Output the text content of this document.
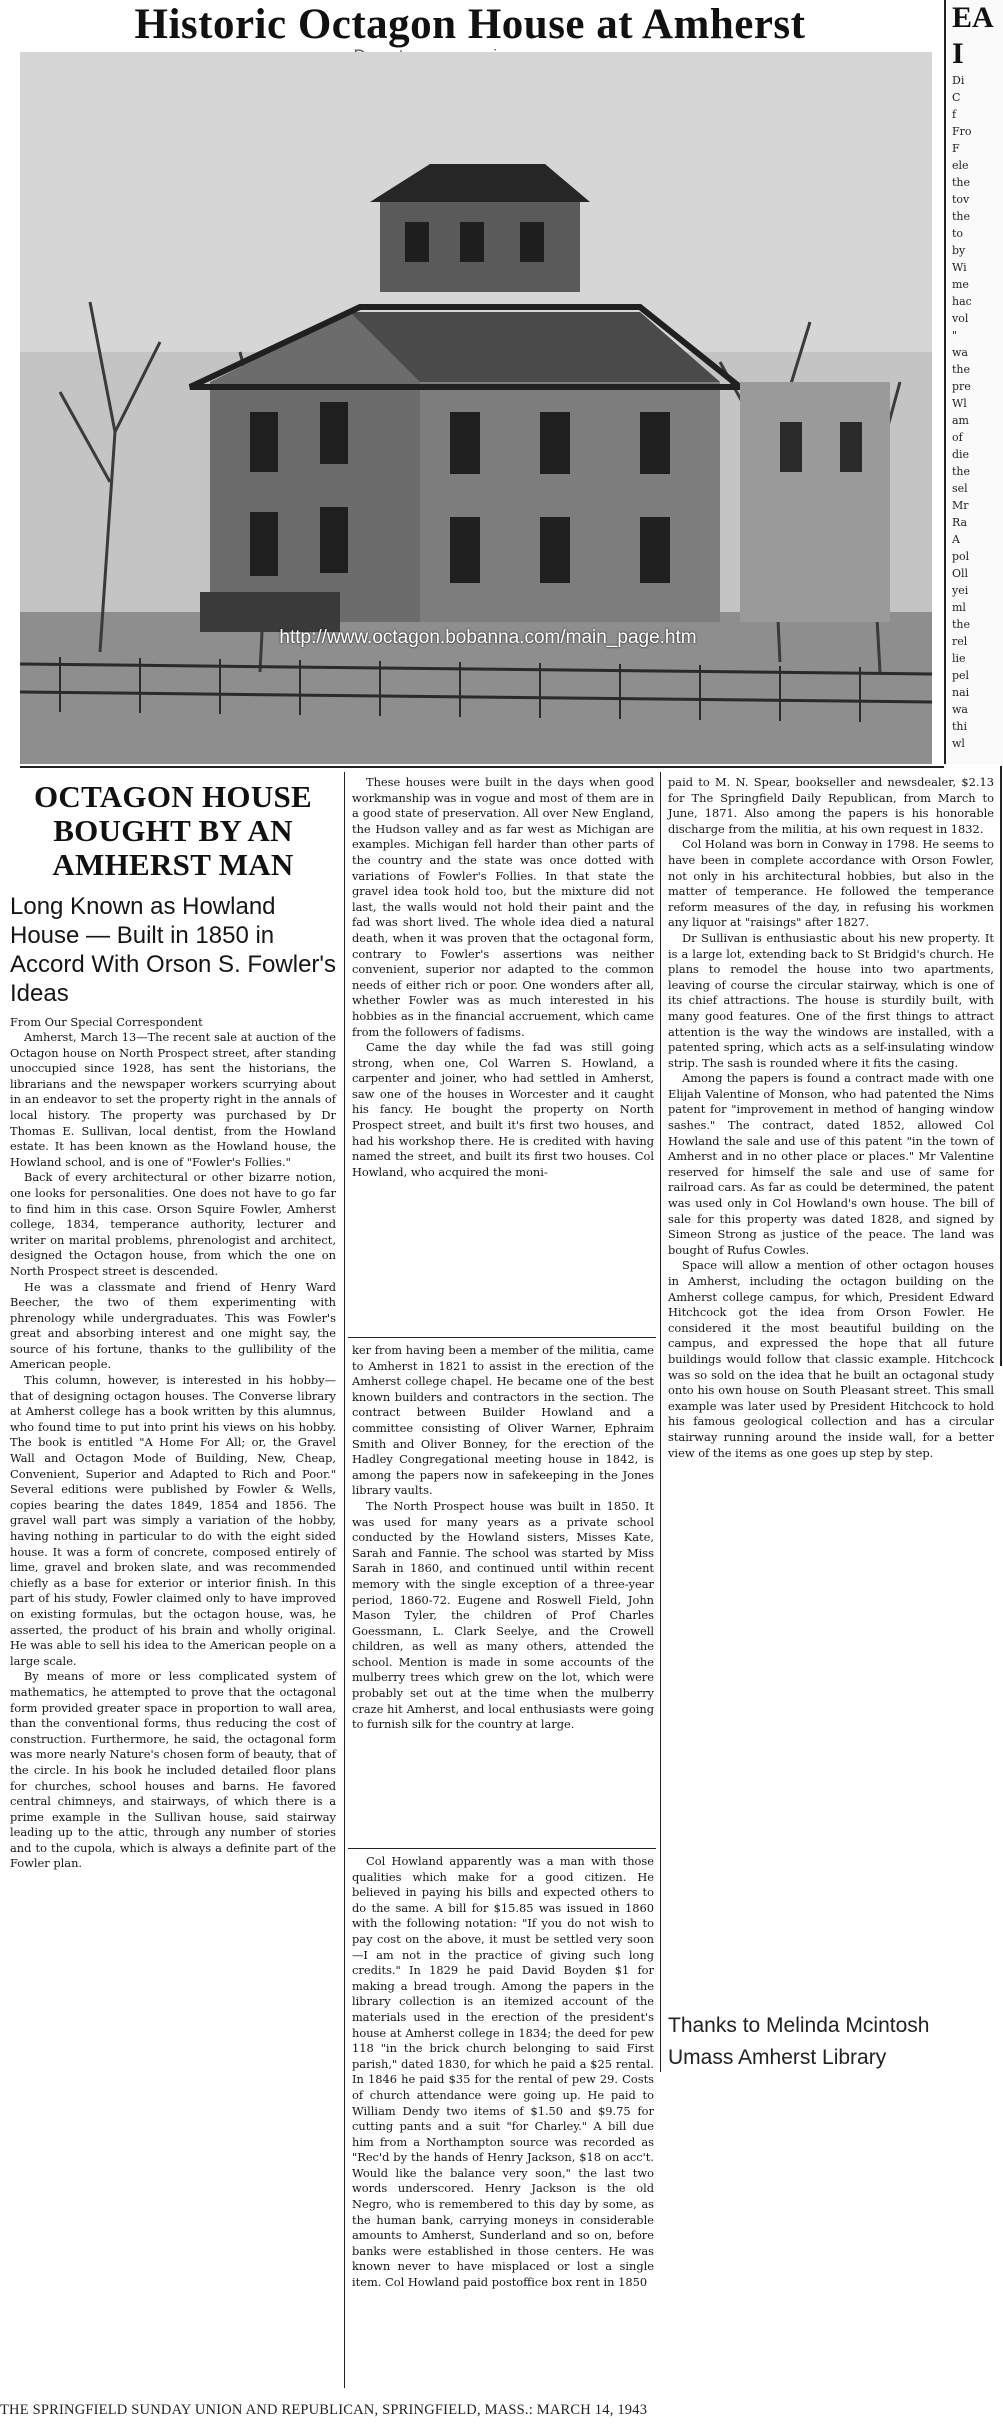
Historic Octagon House at Amherst
http://www.octagon.bobanna.com/main_page.htm
EA
I
Di
C
f
Fro
F
ele
the
tov
the
to
by
Wi
me
hac
vol
"
wa
the
pre
Wl
am
of
die
the
sel
Mr
Ra
A
pol
Oll
yei
ml
the
rel
lie
pel
nai
wa
thi
wl
OCTAGON HOUSE BOUGHT BY AN AMHERST MAN
Long Known as Howland House — Built in 1850 in Accord With Orson S. Fowler's Ideas

From Our Special Correspondent

Amherst, March 13—The recent sale at auction of the Octagon house on North Prospect street, after standing unoccupied since 1928, has sent the historians, the librarians and the newspaper workers scurrying about in an endeavor to set the property right in the annals of local history. The property was purchased by Dr Thomas E. Sullivan, local dentist, from the Howland estate. It has been known as the Howland house, the Howland school, and is one of "Fowler's Follies."

Back of every architectural or other bizarre notion, one looks for personalities. One does not have to go far to find him in this case. Orson Squire Fowler, Amherst college, 1834, temperance authority, lecturer and writer on marital problems, phrenologist and architect, designed the Octagon house, from which the one on North Prospect street is descended.

He was a classmate and friend of Henry Ward Beecher, the two of them experimenting with phrenology while undergraduates. This was Fowler's great and absorbing interest and one might say, the source of his fortune, thanks to the gullibility of the American people.

This column, however, is interested in his hobby—that of designing octagon houses. The Converse library at Amherst college has a book written by this alumnus, who found time to put into print his views on his hobby. The book is entitled "A Home For All; or, the Gravel Wall and Octagon Mode of Building, New, Cheap, Convenient, Superior and Adapted to Rich and Poor." Several editions were published by Fowler & Wells, copies bearing the dates 1849, 1854 and 1856. The gravel wall part was simply a variation of the hobby, having nothing in particular to do with the eight sided house. It was a form of concrete, composed entirely of lime, gravel and broken slate, and was recommended chiefly as a base for exterior or interior finish. In this part of his study, Fowler claimed only to have improved on existing formulas, but the octagon house, was, he asserted, the product of his brain and wholly original. He was able to sell his idea to the American people on a large scale.

By means of more or less complicated system of mathematics, he attempted to prove that the octagonal form provided greater space in proportion to wall area, than the conventional forms, thus reducing the cost of construction. Furthermore, he said, the octagonal form was more nearly Nature's chosen form of beauty, that of the circle. In his book he included detailed floor plans for churches, school houses and barns. He favored central chimneys, and stairways, of which there is a prime example in the Sullivan house, said stairway leading up to the attic, through any number of stories and to the cupola, which is always a definite part of the Fowler plan.

These houses were built in the days when good workmanship was in vogue and most of them are in a good state of preservation. All over New England, the Hudson valley and as far west as Michigan are examples. Michigan fell harder than other parts of the country and the state was once dotted with variations of Fowler's Follies. In that state the gravel idea took hold too, but the mixture did not last, the walls would not hold their paint and the fad was short lived. The whole idea died a natural death, when it was proven that the octagonal form, contrary to Fowler's assertions was neither convenient, superior nor adapted to the common needs of either rich or poor. One wonders after all, whether Fowler was as much interested in his hobbies as in the financial accruement, which came from the followers of fadisms.

Came the day while the fad was still going strong, when one, Col Warren S. Howland, a carpenter and joiner, who had settled in Amherst, saw one of the houses in Worcester and it caught his fancy. He bought the property on North Prospect street, and built it's first two houses, and had his workshop there. He is credited with having named the street, and built its first two houses. Col Howland, who acquired the moni-

ker from having been a member of the militia, came to Amherst in 1821 to assist in the erection of the Amherst college chapel. He became one of the best known builders and contractors in the section. The contract between Builder Howland and a committee consisting of Oliver Warner, Ephraim Smith and Oliver Bonney, for the erection of the Hadley Congregational meeting house in 1842, is among the papers now in safekeeping in the Jones library vaults.

The North Prospect house was built in 1850. It was used for many years as a private school conducted by the Howland sisters, Misses Kate, Sarah and Fannie. The school was started by Miss Sarah in 1860, and continued until within recent memory with the single exception of a three-year period, 1860-72. Eugene and Roswell Field, John Mason Tyler, the children of Prof Charles Goessmann, L. Clark Seelye, and the Crowell children, as well as many others, attended the school. Mention is made in some accounts of the mulberry trees which grew on the lot, which were probably set out at the time when the mulberry craze hit Amherst, and local enthusiasts were going to furnish silk for the country at large.

Col Howland apparently was a man with those qualities which make for a good citizen. He believed in paying his bills and expected others to do the same. A bill for $15.85 was issued in 1860 with the following notation: "If you do not wish to pay cost on the above, it must be settled very soon—I am not in the practice of giving such long credits." In 1829 he paid David Boyden $1 for making a bread trough. Among the papers in the library collection is an itemized account of the materials used in the erection of the president's house at Amherst college in 1834; the deed for pew 118 "in the brick church belonging to said First parish," dated 1830, for which he paid a $25 rental. In 1846 he paid $35 for the rental of pew 29. Costs of church attendance were going up. He paid to William Dendy two items of $1.50 and $9.75 for cutting pants and a suit "for Charley." A bill due him from a Northampton source was recorded as "Rec'd by the hands of Henry Jackson, $18 on acc't. Would like the balance very soon," the last two words underscored. Henry Jackson is the old Negro, who is remembered to this day by some, as the human bank, carrying moneys in considerable amounts to Amherst, Sunderland and so on, before banks were established in those centers. He was known never to have misplaced or lost a single item. Col Howland paid postoffice box rent in 1850

paid to M. N. Spear, bookseller and newsdealer, $2.13 for The Springfield Daily Republican, from March to June, 1871. Also among the papers is his honorable discharge from the militia, at his own request in 1832.

Col Holand was born in Conway in 1798. He seems to have been in complete accordance with Orson Fowler, not only in his architectural hobbies, but also in the matter of temperance. He followed the temperance reform measures of the day, in refusing his workmen any liquor at "raisings" after 1827.

Dr Sullivan is enthusiastic about his new property. It is a large lot, extending back to St Bridgid's church. He plans to remodel the house into two apartments, leaving of course the circular stairway, which is one of its chief attractions. The house is sturdily built, with many good features. One of the first things to attract attention is the way the windows are installed, with a patented spring, which acts as a self-insulating window strip. The sash is rounded where it fits the casing.

Among the papers is found a contract made with one Elijah Valentine of Monson, who had patented the Nims patent for "improvement in method of hanging window sashes." The contract, dated 1852, allowed Col Howland the sale and use of this patent "in the town of Amherst and in no other place or places." Mr Valentine reserved for himself the sale and use of same for railroad cars. As far as could be determined, the patent was used only in Col Howland's own house. The bill of sale for this property was dated 1828, and signed by Simeon Strong as justice of the peace. The land was bought of Rufus Cowles.

Space will allow a mention of other octagon houses in Amherst, including the octagon building on the Amherst college campus, for which, President Edward Hitchcock got the idea from Orson Fowler. He considered it the most beautiful building on the campus, and expressed the hope that all future buildings would follow that classic example. Hitchcock was so sold on the idea that he built an octagonal study onto his own house on South Pleasant street. This small example was later used by President Hitchcock to hold his famous geological collection and has a circular stairway running around the inside wall, for a better view of the items as one goes up step by step.

Thanks to Melinda Mcintosh
Umass Amherst Library
THE SPRINGFIELD SUNDAY UNION AND REPUBLICAN, SPRINGFIELD, MASS.: MARCH 14, 1943
